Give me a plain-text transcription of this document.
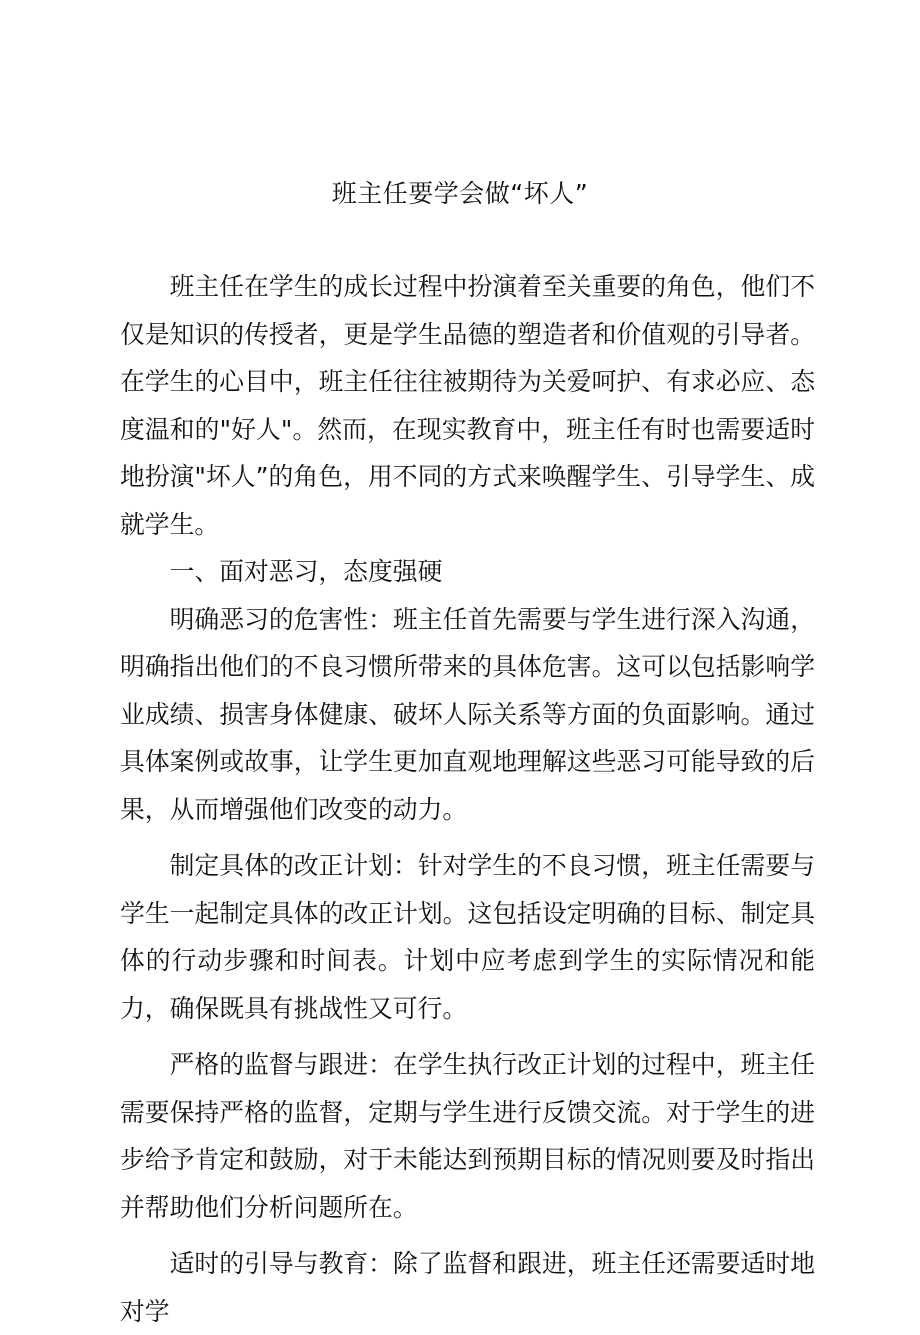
班主任要学会做“坏人”

班主任在学生的成长过程中扮演着至关重要的角色，他们不仅是知识的传授者，更是学生品德的塑造者和价值观的引导者。在学生的心目中，班主任往往被期待为关爱呵护、有求必应、态度温和的"好人"。然而，在现实教育中，班主任有时也需要适时地扮演"坏人”的角色，用不同的方式来唤醒学生、引导学生、成就学生。

一、面对恶习，态度强硬

明确恶习的危害性：班主任首先需要与学生进行深入沟通，明确指出他们的不良习惯所带来的具体危害。这可以包括影响学业成绩、损害身体健康、破坏人际关系等方面的负面影响。通过具体案例或故事，让学生更加直观地理解这些恶习可能导致的后果，从而增强他们改变的动力。

制定具体的改正计划：针对学生的不良习惯，班主任需要与学生一起制定具体的改正计划。这包括设定明确的目标、制定具体的行动步骤和时间表。计划中应考虑到学生的实际情况和能力，确保既具有挑战性又可行。

严格的监督与跟进：在学生执行改正计划的过程中，班主任需要保持严格的监督，定期与学生进行反馈交流。对于学生的进步给予肯定和鼓励，对于未能达到预期目标的情况则要及时指出并帮助他们分析问题所在。

适时的引导与教育：除了监督和跟进，班主任还需要适时地对学
